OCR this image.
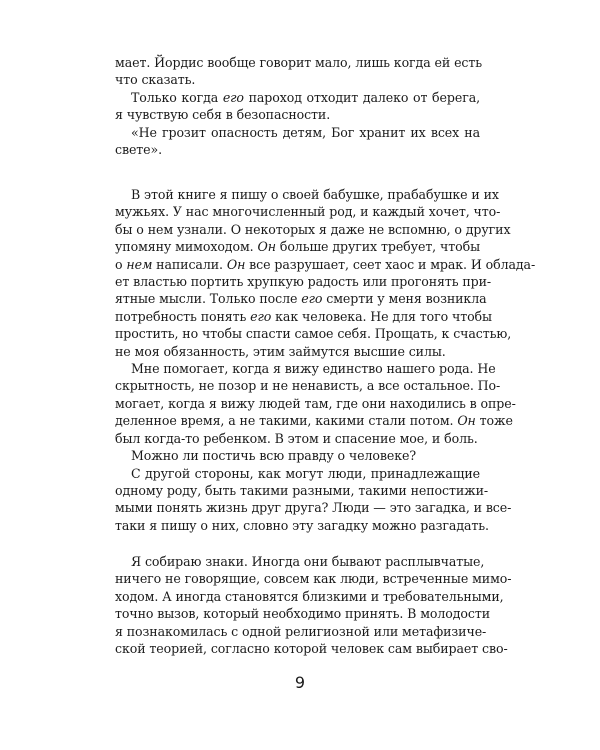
мает. Йордис вообще говорит мало, лишь когда ей есть
что сказать.
Только когда его пароход отходит далеко от берега,
я чувствую себя в безопасности.
«Не грозит опасность детям, Бог хранит их всех на
свете».
В этой книге я пишу о своей бабушке, прабабушке и их
мужьях. У нас многочисленный род, и каждый хочет, что-
бы о нем узнали. О некоторых я даже не вспомню, о других
упомяну мимоходом. Он больше других требует, чтобы
о нем написали. Он все разрушает, сеет хаос и мрак. И облада-
ет властью портить хрупкую радость или прогонять при-
ятные мысли. Только после его смерти у меня возникла
потребность понять его как человека. Не для того чтобы
простить, но чтобы спасти самое себя. Прощать, к счастью,
не моя обязанность, этим займутся высшие силы.
Мне помогает, когда я вижу единство нашего рода. Не
скрытность, не позор и не ненависть, а все остальное. По-
могает, когда я вижу людей там, где они находились в опре-
деленное время, а не такими, какими стали потом. Он тоже
был когда-то ребенком. В этом и спасение мое, и боль.
Можно ли постичь всю правду о человеке?
С другой стороны, как могут люди, принадлежащие
одному роду, быть такими разными, такими непостижи-
мыми понять жизнь друг друга? Люди — это загадка, и все-
таки я пишу о них, словно эту загадку можно разгадать.
Я собираю знаки. Иногда они бывают расплывчатые,
ничего не говорящие, совсем как люди, встреченные мимо-
ходом. А иногда становятся близкими и требовательными,
точно вызов, который необходимо принять. В молодости
я познакомилась с одной религиозной или метафизиче-
ской теорией, согласно которой человек сам выбирает сво-
9
